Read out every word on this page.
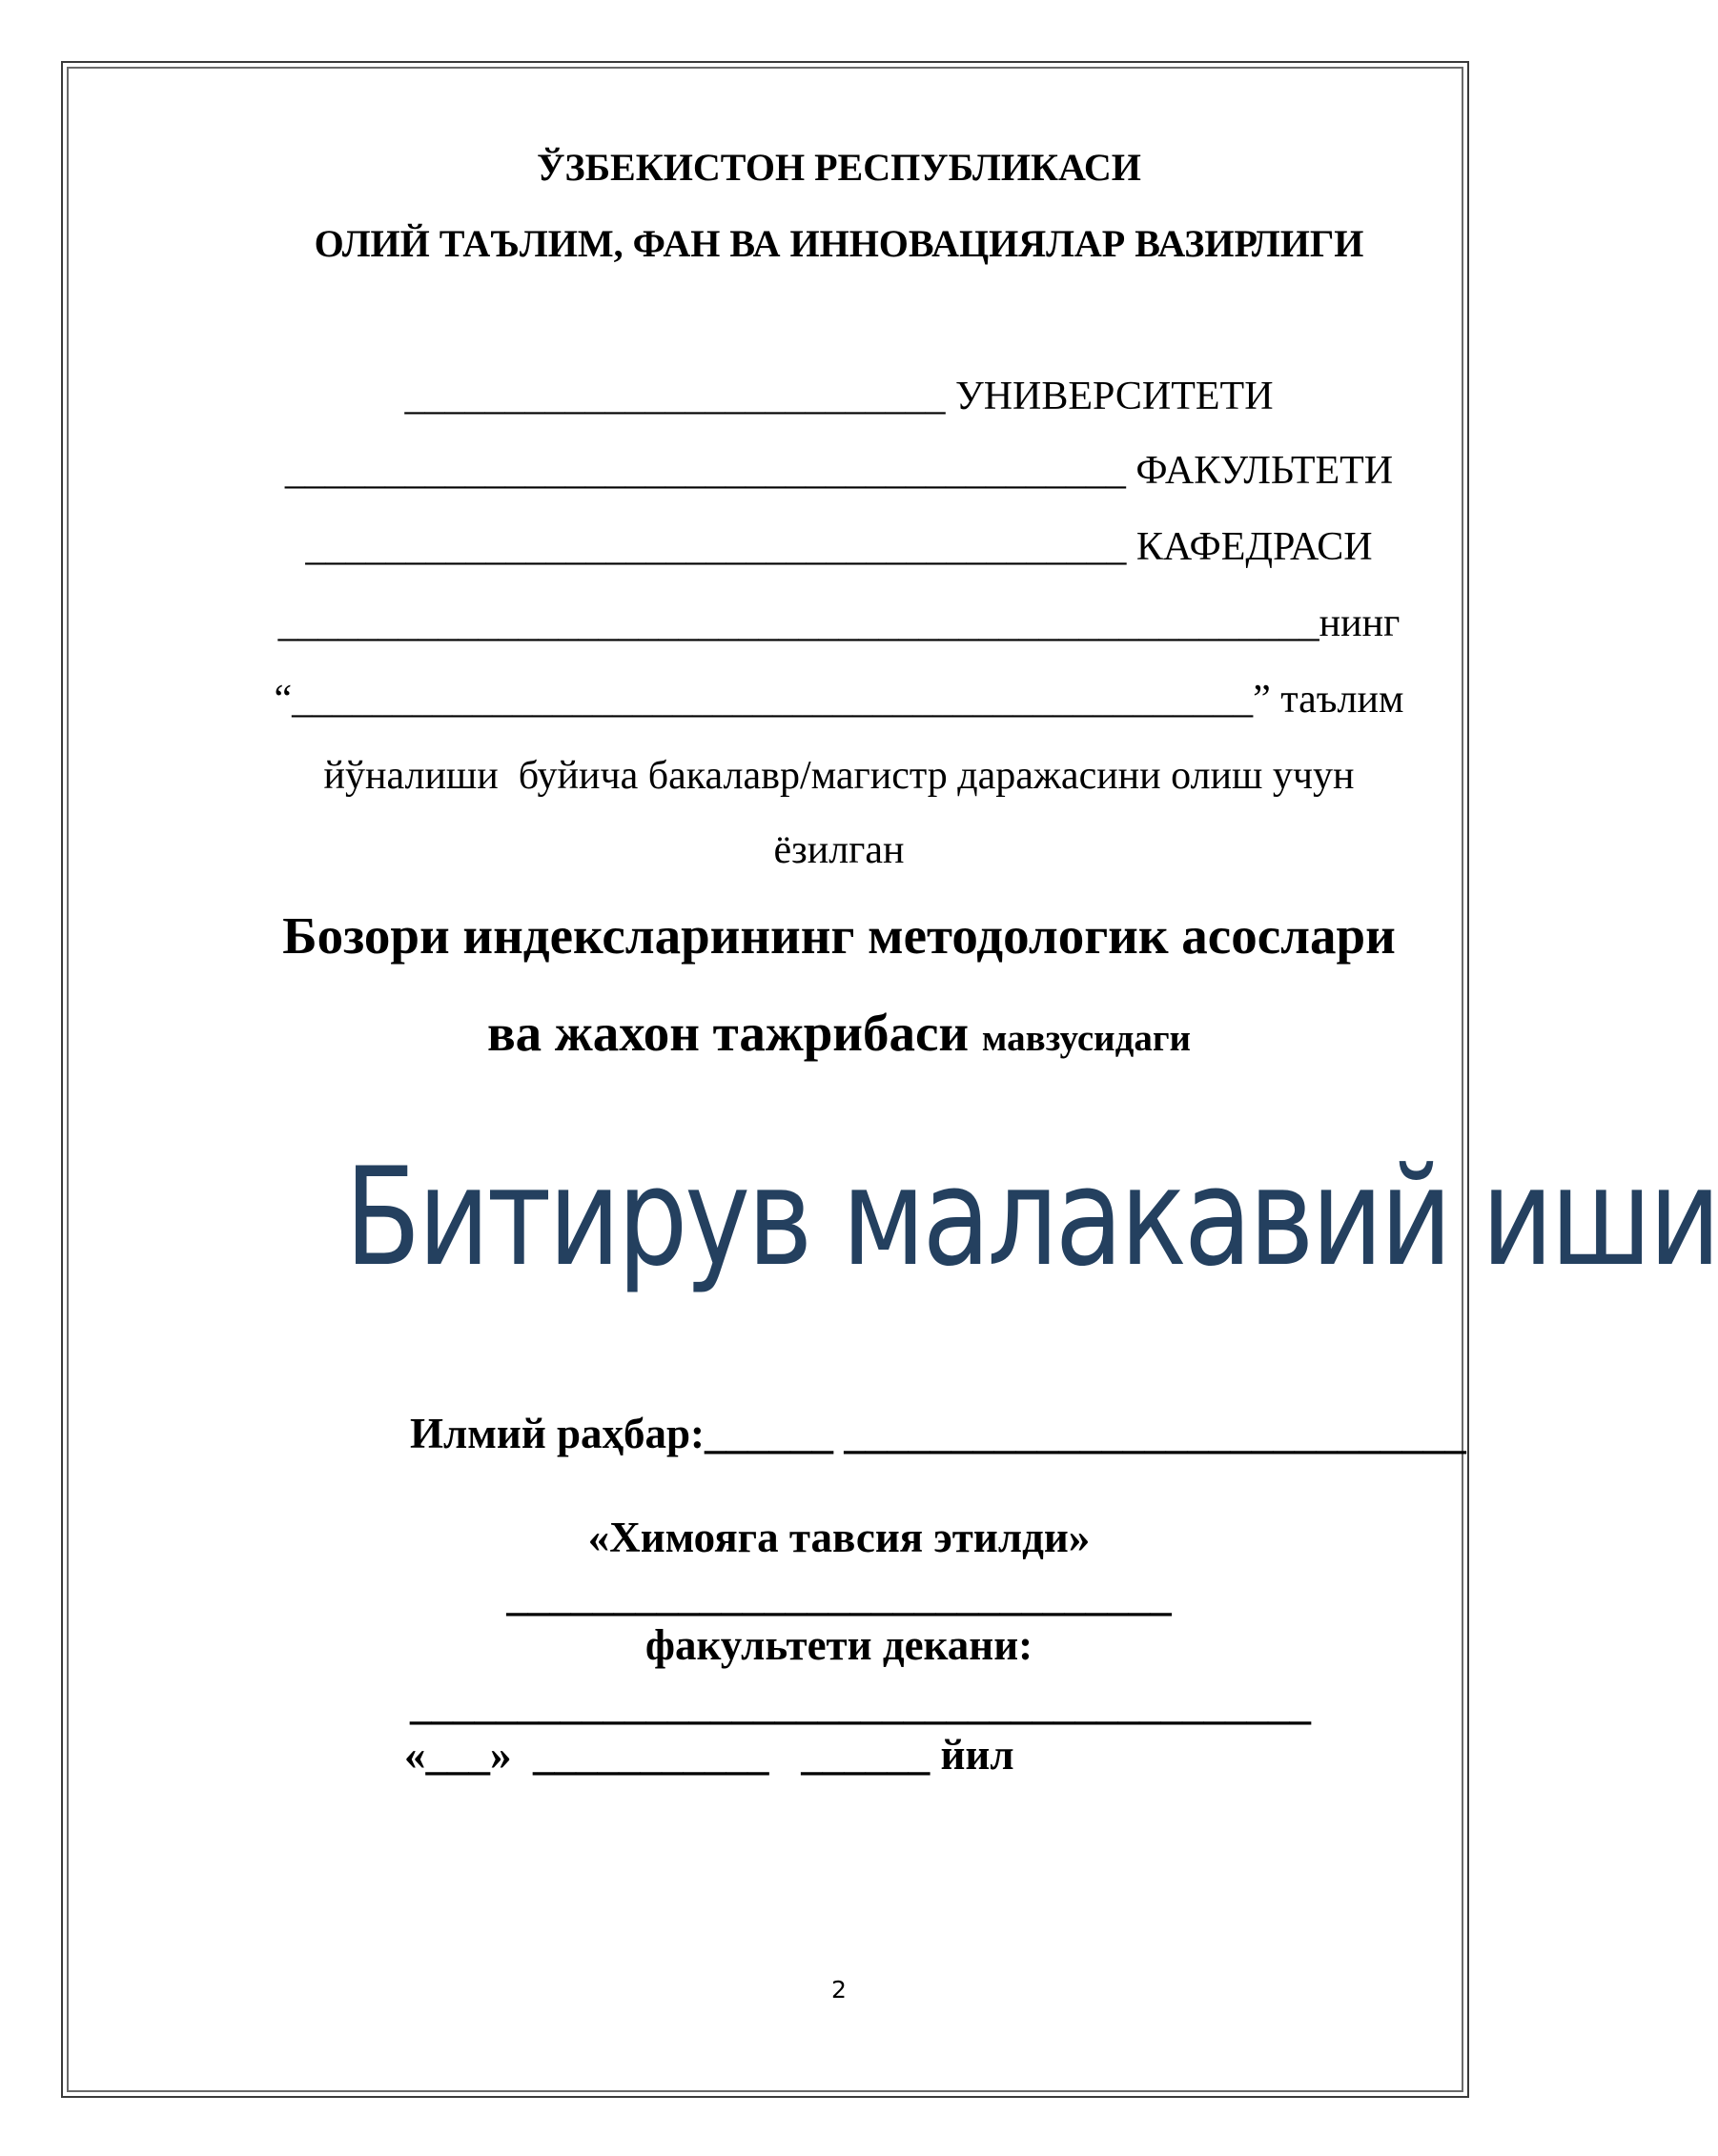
ЎЗБЕКИСТОН РЕСПУБЛИКАСИ
ОЛИЙ ТАЪЛИМ, ФАН ВА ИННОВАЦИЯЛАР ВАЗИРЛИГИ
___________________________ УНИВЕРСИТЕТИ
__________________________________________ ФАКУЛЬТЕТИ
_________________________________________ КАФЕДРАСИ
____________________________________________________нинг
“________________________________________________” таълим
йўналиши  буйича бакалавр/магистр даражасини олиш учун
ёзилган
Бозори индексларининг методологик асослари
ва жахон тажрибаси мавзусидаги
Битирув малакавий иши
Илмий раҳбар:______ _____________________________
«Химояга тавсия этилди»
_______________________________
факультети декани:
__________________________________________
«___»  ___________   ______ йил
2
